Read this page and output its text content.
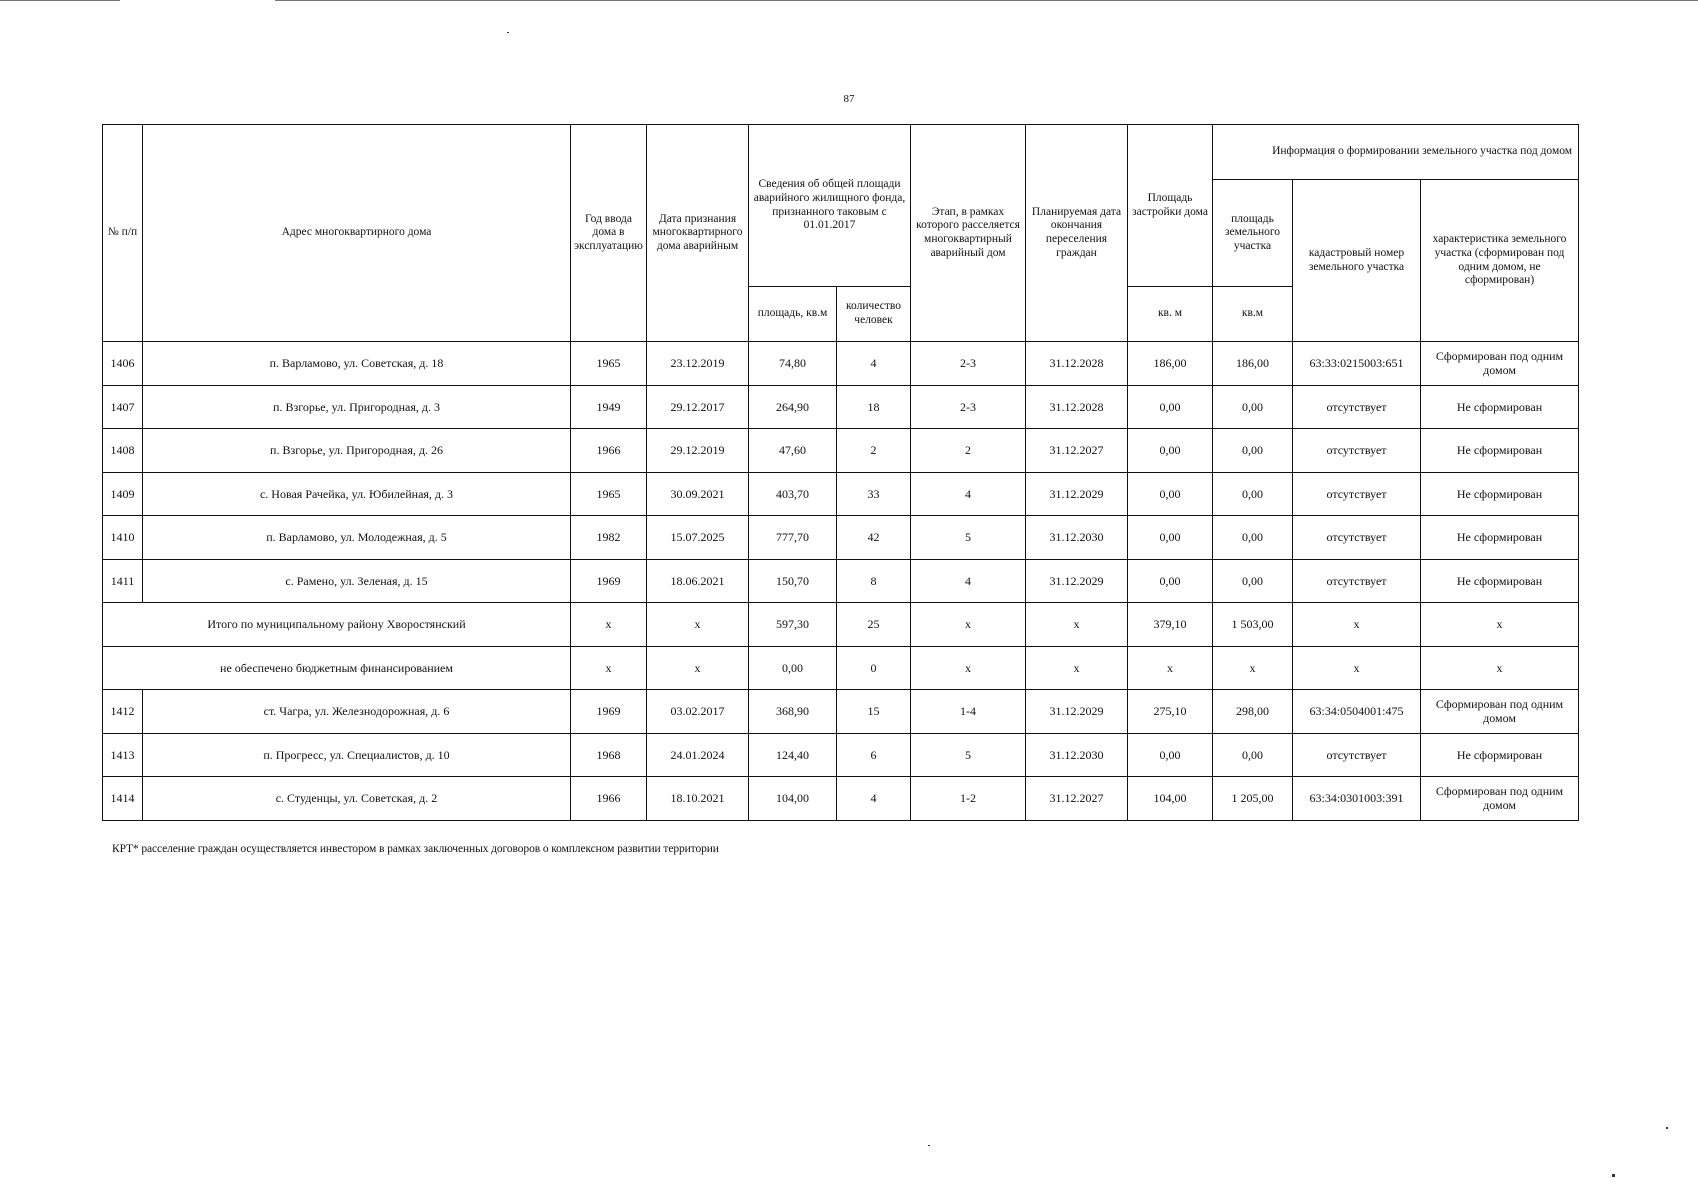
87
№ п/п	Адрес многоквартирного дома	Год ввода дома в эксплуатацию	Дата признания многоквартирного дома аварийным	Сведения об общей площади аварийного жилищного фонда, признанного таковым с 01.01.2017		Этап, в рамках которого расселяется многоквартирный аварийный дом	Планируемая дата окончания переселения граждан	Площадь застройки дома	Информация о формировании земельного участка под домом		
									площадь земельного участка	кадастровый номер земельного участка	характеристика земельного участка (сформирован под одним домом, не сформирован)
				площадь, кв.м	количество человек			кв. м	кв.м		
1406	п. Варламово, ул. Советская, д. 18	1965	23.12.2019	74,80	4	2-3	31.12.2028	186,00	186,00	63:33:0215003:651	Сформирован под одним домом
1407	п. Взгорье, ул. Пригородная, д. 3	1949	29.12.2017	264,90	18	2-3	31.12.2028	0,00	0,00	отсутствует	Не сформирован
1408	п. Взгорье, ул. Пригородная, д. 26	1966	29.12.2019	47,60	2	2	31.12.2027	0,00	0,00	отсутствует	Не сформирован
1409	с. Новая Рачейка, ул. Юбилейная, д. 3	1965	30.09.2021	403,70	33	4	31.12.2029	0,00	0,00	отсутствует	Не сформирован
1410	п. Варламово, ул. Молодежная, д. 5	1982	15.07.2025	777,70	42	5	31.12.2030	0,00	0,00	отсутствует	Не сформирован
1411	с. Рамено, ул. Зеленая, д. 15	1969	18.06.2021	150,70	8	4	31.12.2029	0,00	0,00	отсутствует	Не сформирован
Итого по муниципальному району Хворостянский		x	x	597,30	25	x	x	379,10	1 503,00	x	x
не обеспечено бюджетным финансированием		x	x	0,00	0	x	x	x	x	x	x
1412	ст. Чагра, ул. Железнодорожная, д. 6	1969	03.02.2017	368,90	15	1-4	31.12.2029	275,10	298,00	63:34:0504001:475	Сформирован под одним домом
1413	п. Прогресс, ул. Специалистов, д. 10	1968	24.01.2024	124,40	6	5	31.12.2030	0,00	0,00	отсутствует	Не сформирован
1414	с. Студенцы, ул. Советская, д. 2	1966	18.10.2021	104,00	4	1-2	31.12.2027	104,00	1 205,00	63:34:0301003:391	Сформирован под одним домом
КРТ* расселение граждан осуществляется инвестором в рамках заключенных договоров о комплексном развитии территории
